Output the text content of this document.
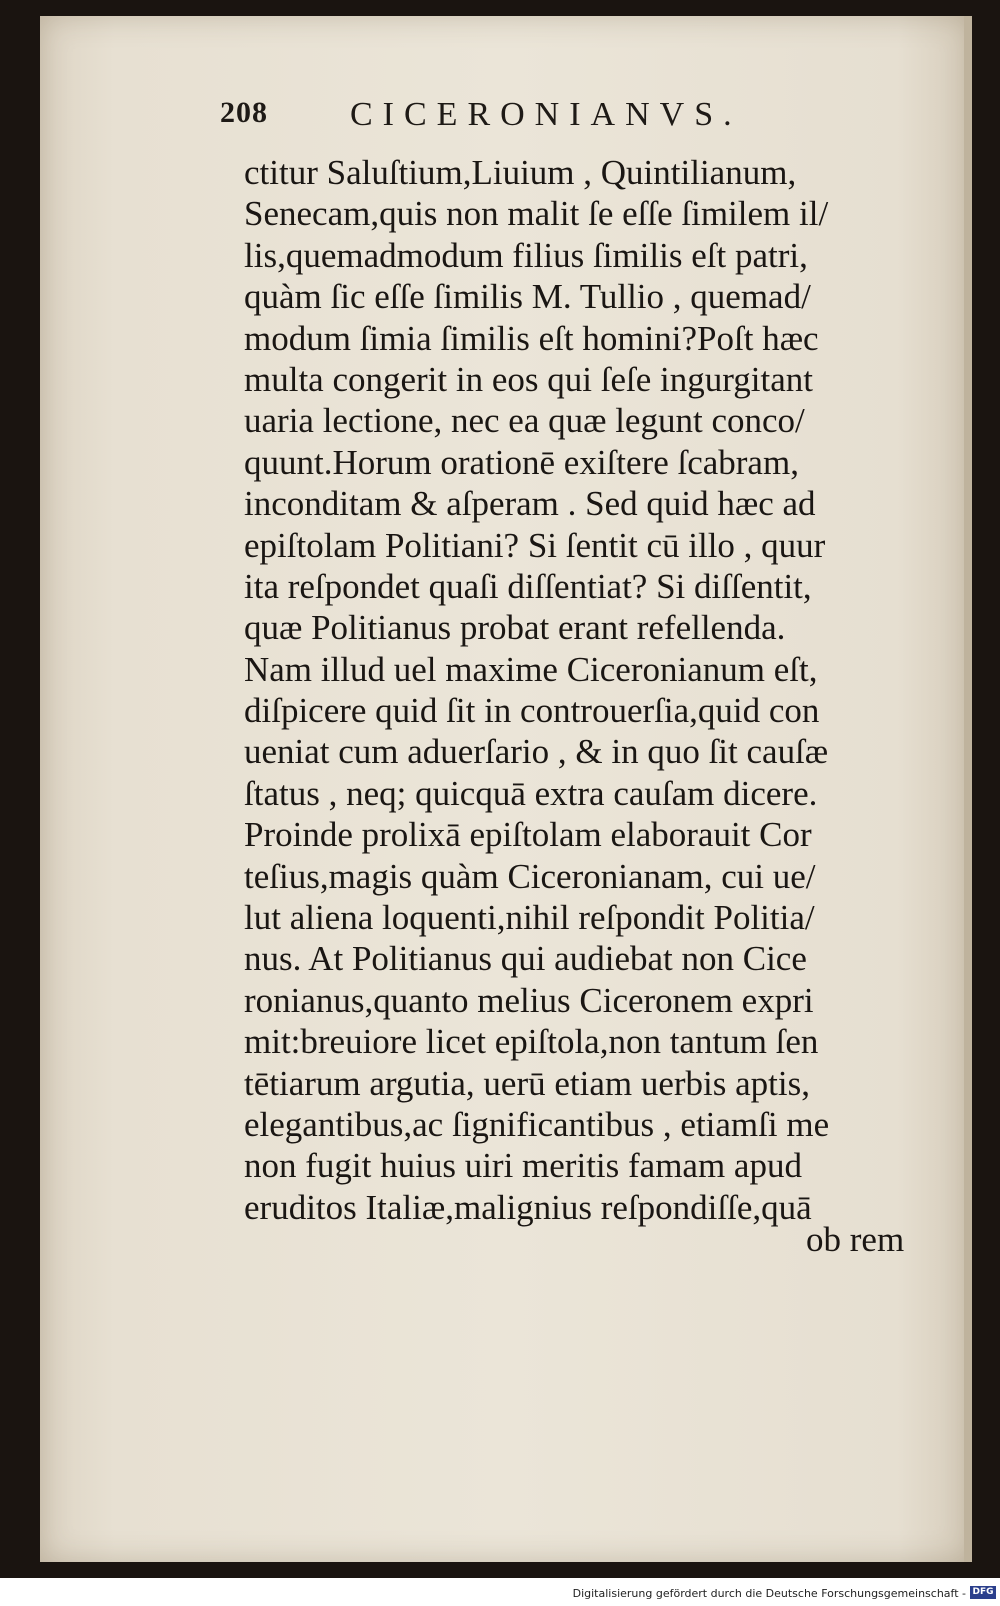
208 CICERONIANVS.
ctitur Saluſtium,Liuium , Quintilianum,
Senecam,quis non malit ſe eſſe ſimilem il/
lis,quemadmodum filius ſimilis eſt patri,
quàm ſic eſſe ſimilis M. Tullio , quemad/
modum ſimia ſimilis eſt homini?Poſt hæc
multa congerit in eos qui ſeſe ingurgitant
uaria lectione, nec ea quæ legunt conco/
quunt.Horum orationē exiſtere ſcabram,
inconditam & aſperam . Sed quid hæc ad
epiſtolam Politiani? Si ſentit cū illo , quur
ita reſpondet quaſi diſſentiat? Si diſſentit,
quæ Politianus probat erant refellenda.
Nam illud uel maxime Ciceronianum eſt,
diſpicere quid ſit in controuerſia,quid con
ueniat cum aduerſario , & in quo ſit cauſæ
ſtatus , neq; quicquā extra cauſam dicere.
Proinde prolixā epiſtolam elaborauit Cor
teſius,magis quàm Ciceronianam, cui ue/
lut aliena loquenti,nihil reſpondit Politia/
nus. At Politianus qui audiebat non Cice
ronianus,quanto melius Ciceronem expri
mit:breuiore licet epiſtola,non tantum ſen
tētiarum argutia, uerū etiam uerbis aptis,
elegantibus,ac ſignificantibus , etiamſi me
non fugit huius uiri meritis famam apud
eruditos Italiæ,malignius reſpondiſſe,quā
ob rem
Digitalisierung gefördert durch die Deutsche Forschungsgemeinschaft - DFG
